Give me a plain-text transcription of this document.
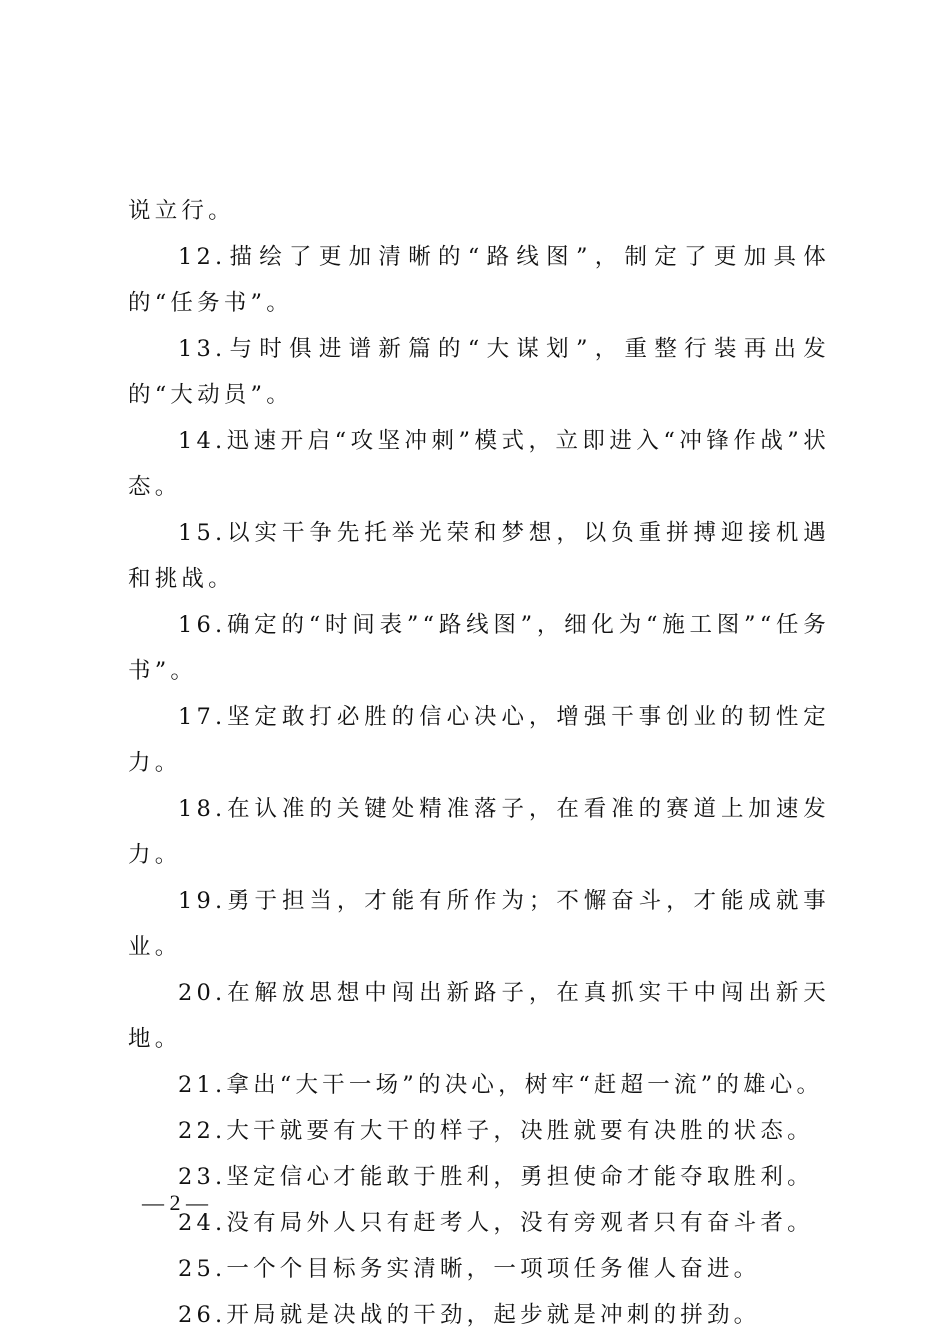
说立行。

12.描绘了更加清晰的“路线图”，制定了更加具体的“任务书”。

13.与时俱进谱新篇的“大谋划”，重整行装再出发的“大动员”。

14.迅速开启“攻坚冲刺”模式，立即进入“冲锋作战”状态。

15.以实干争先托举光荣和梦想，以负重拼搏迎接机遇和挑战。

16.确定的“时间表”“路线图”，细化为“施工图”“任务书”。

17.坚定敢打必胜的信心决心，增强干事创业的韧性定力。

18.在认准的关键处精准落子，在看准的赛道上加速发力。

19.勇于担当，才能有所作为；不懈奋斗，才能成就事业。

20.在解放思想中闯出新路子，在真抓实干中闯出新天地。

21.拿出“大干一场”的决心，树牢“赶超一流”的雄心。

22.大干就要有大干的样子，决胜就要有决胜的状态。

23.坚定信心才能敢于胜利，勇担使命才能夺取胜利。

24.没有局外人只有赶考人，没有旁观者只有奋斗者。

25.一个个目标务实清晰，一项项任务催人奋进。

26.开局就是决战的干劲，起步就是冲刺的拼劲。

— 2 —
